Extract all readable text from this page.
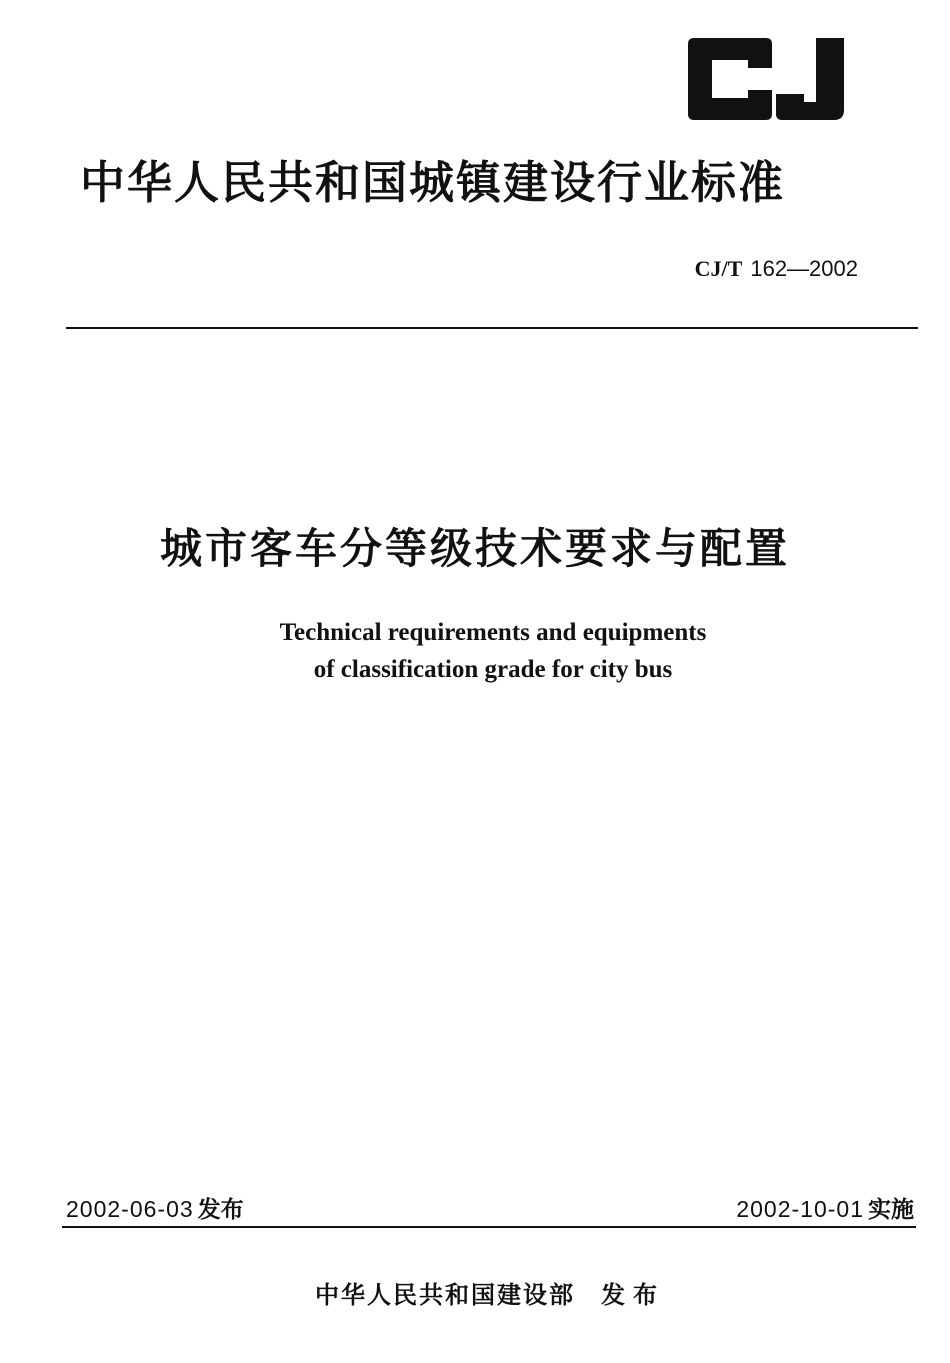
中华人民共和国城镇建设行业标准
CJ/T 162—2002
城市客车分等级技术要求与配置
Technical requirements and equipments
of classification grade for city bus
2002-06-03 发布	2002-10-01 实施
中华人民共和国建设部 发布
